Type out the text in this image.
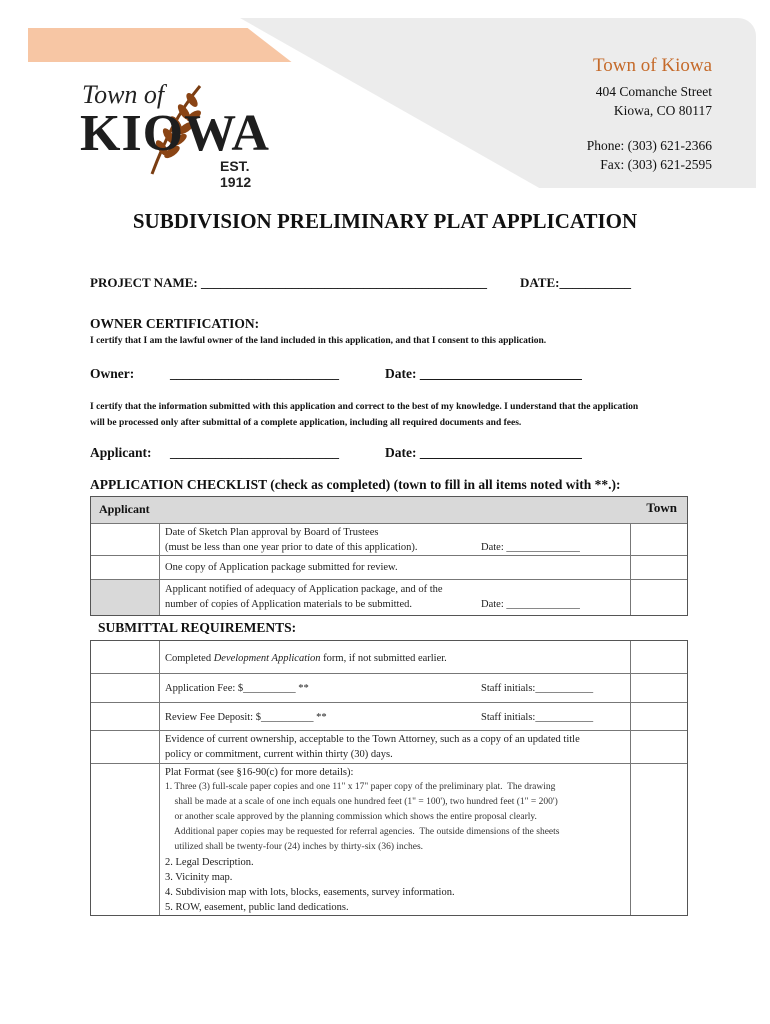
Town of
KIOWA
EST. 1912
Town of Kiowa
404 Comanche Street
Kiowa, CO 80117
Phone: (303) 621-2366
Fax: (303) 621-2595
SUBDIVISION PRELIMINARY PLAT APPLICATION
PROJECT NAME: ____________________________________________	DATE:___________
OWNER CERTIFICATION:
I certify that I am the lawful owner of the land included in this application, and that I consent to this application.
Owner:	__________________________	Date: ________________________
I certify that the information submitted with this application and correct to the best of my knowledge. I understand that the application
will be processed only after submittal of a complete application, including all required documents and fees.
Applicant: __________________________	Date: ________________________
APPLICATION CHECKLIST (check as completed) (town to fill in all items noted with **.):
Applicant	Town
Date of Sketch Plan approval by Board of Trustees
(must be less than one year prior to date of this application).	Date: ______________
One copy of Application package submitted for review.
Applicant notified of adequacy of Application package, and of the
number of copies of Application materials to be submitted.	Date: ______________
SUBMITTAL REQUIREMENTS:
Completed Development Application form, if not submitted earlier.
Application Fee: $__________ **	Staff initials:___________
Review Fee Deposit: $__________ **	Staff initials:___________
Evidence of current ownership, acceptable to the Town Attorney, such as a copy of an updated title
policy or commitment, current within thirty (30) days.
Plat Format (see §16-90(c) for more details):
1. Three (3) full-scale paper copies and one 11" x 17" paper copy of the preliminary plat.  The drawing
shall be made at a scale of one inch equals one hundred feet (1" = 100'), two hundred feet (1" = 200')
or another scale approved by the planning commission which shows the entire proposal clearly.
Additional paper copies may be requested for referral agencies.  The outside dimensions of the sheets
utilized shall be twenty-four (24) inches by thirty-six (36) inches.
2. Legal Description.
3. Vicinity map.
4. Subdivision map with lots, blocks, easements, survey information.
5. ROW, easement, public land dedications.
